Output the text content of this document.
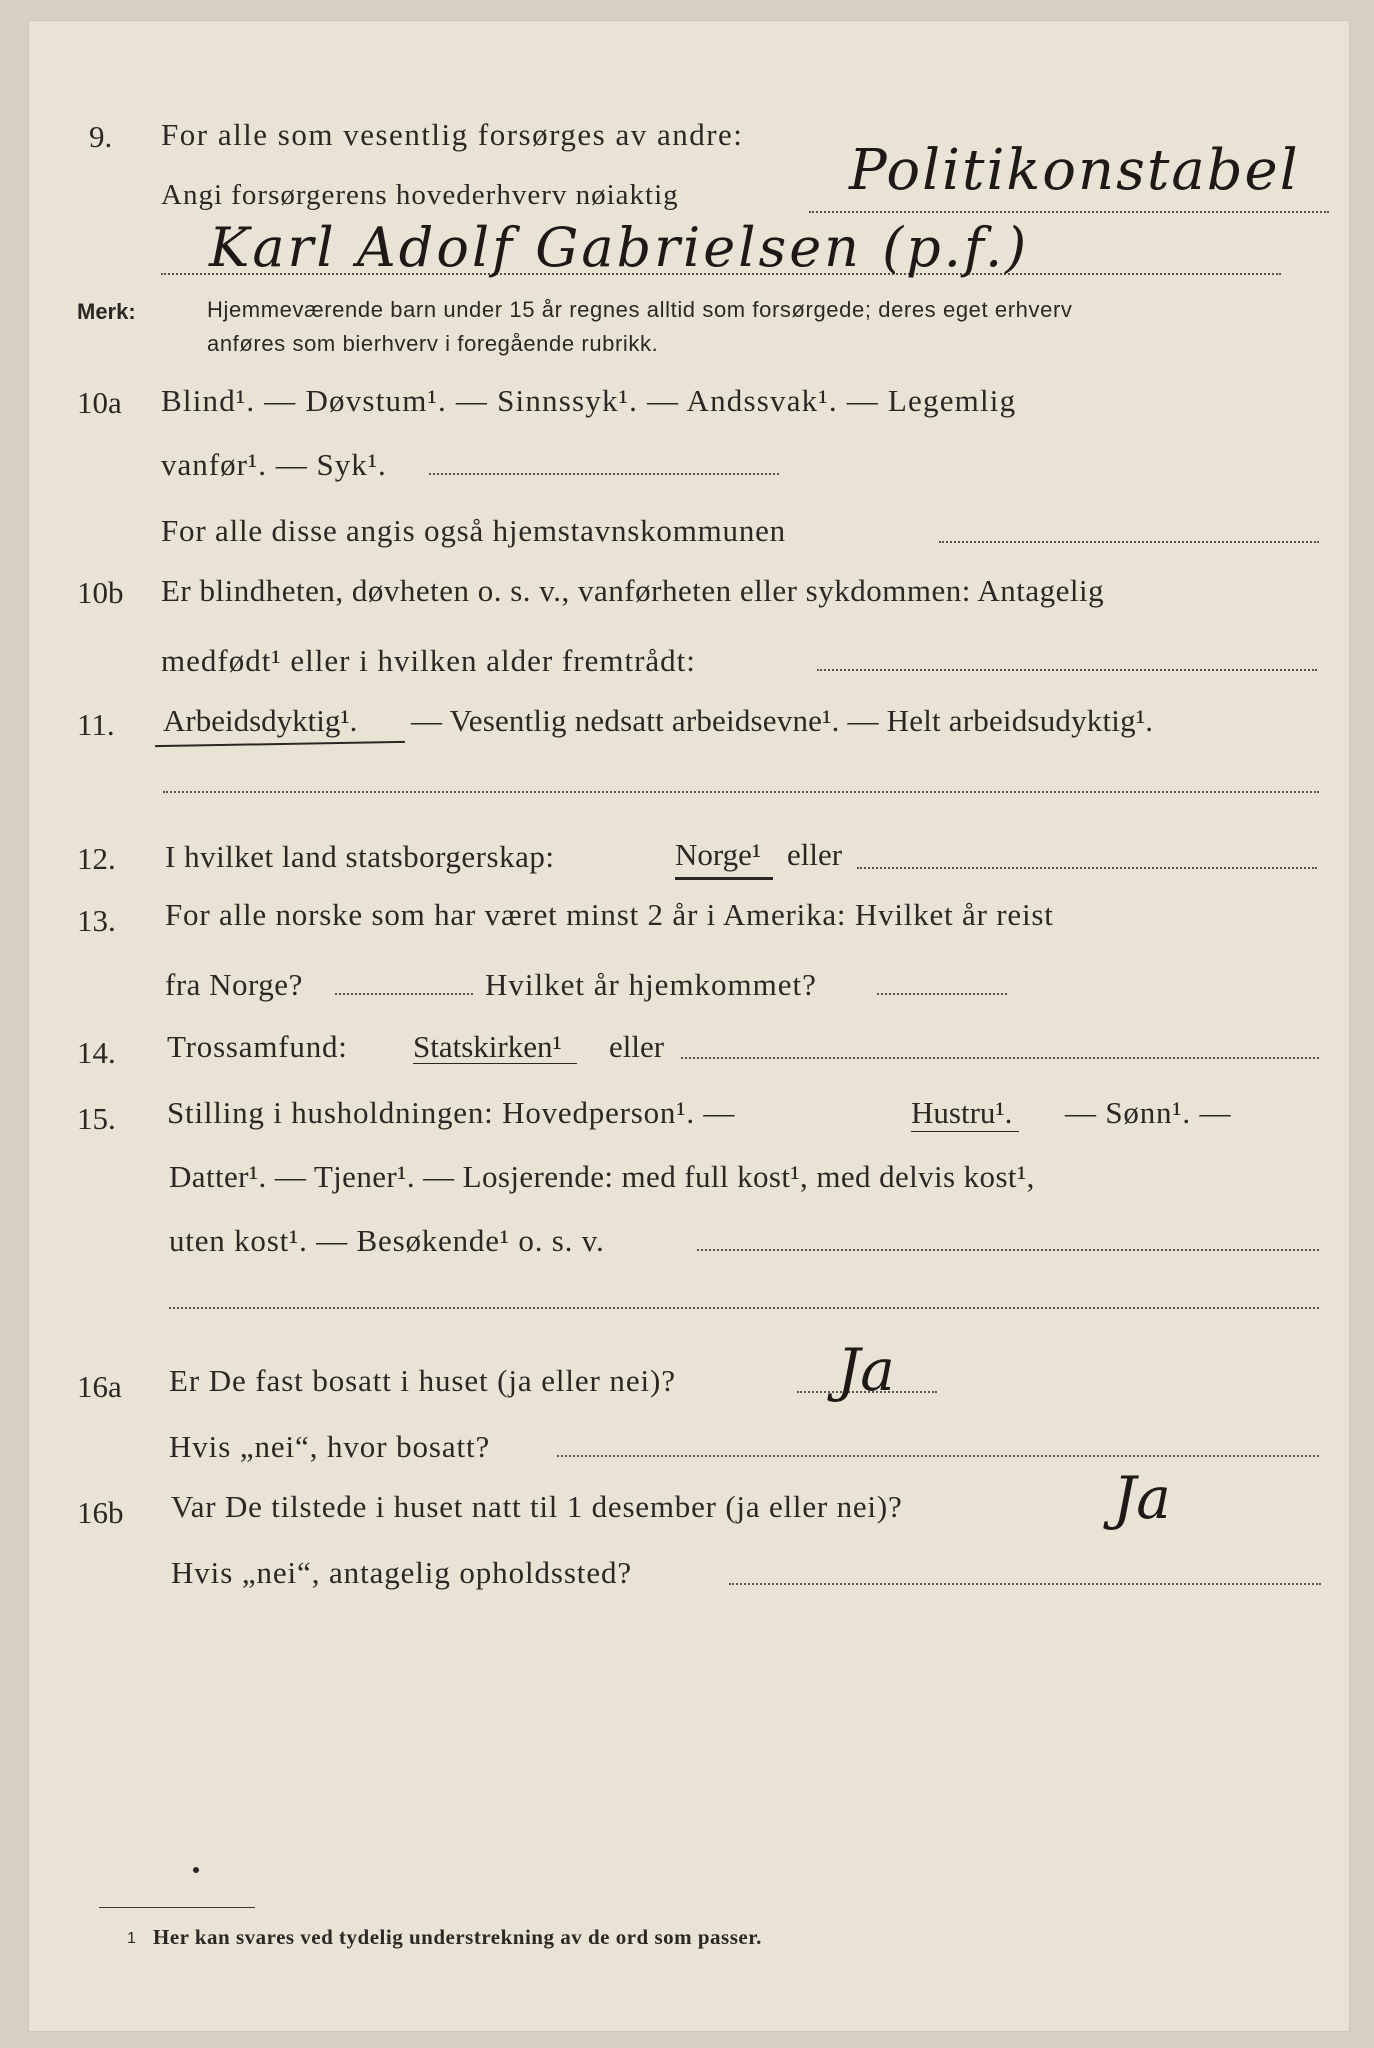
9. For alle som vesentlig forsørges av andre:
Angi forsørgerens hovederhverv nøiaktig	Politikonstabel
Karl Adolf Gabrielsen (p.f.)
Merk:	Hjemmeværende barn under 15 år regnes alltid som forsørgede; deres eget erhverv
anføres som bierhverv i foregående rubrikk.
10a Blind¹. — Døvstum¹. — Sinnssyk¹. — Andssvak¹. — Legemlig
vanfør¹. — Syk¹.
For alle disse angis også hjemstavnskommunen
10b Er blindheten, døvheten o. s. v., vanførheten eller sykdommen: Antagelig
medfødt¹ eller i hvilken alder fremtrådt:
11. Arbeidsdyktig¹. — Vesentlig nedsatt arbeidsevne¹. — Helt arbeidsudyktig¹.
12. I hvilket land statsborgerskap:	Norge¹ eller
13. For alle norske som har været minst 2 år i Amerika: Hvilket år reist
fra Norge?	Hvilket år hjemkommet?
14. Trossamfund: Statskirken¹ eller
15. Stilling i husholdningen: Hovedperson¹. —	Hustru¹. — Sønn¹. —
Datter¹. — Tjener¹. — Losjerende: med full kost¹, med delvis kost¹,
uten kost¹. — Besøkende¹ o. s. v.
16a Er De fast bosatt i huset (ja eller nei)?	Ja
Hvis „nei“, hvor bosatt?
16b Var De tilstede i huset natt til 1 desember (ja eller nei)?	Ja
Hvis „nei“, antagelig opholdssted?
1 Her kan svares ved tydelig understrekning av de ord som passer.
